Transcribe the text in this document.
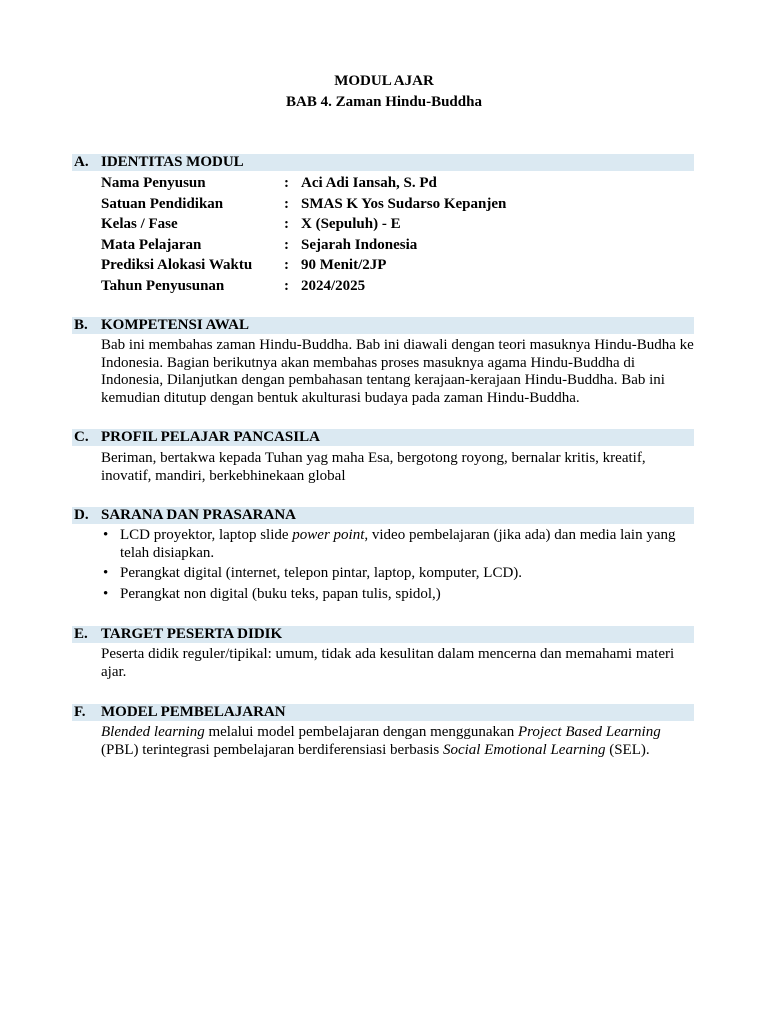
MODUL AJAR
BAB 4. Zaman Hindu-Buddha
A. IDENTITAS MODUL
Nama Penyusun	: Aci Adi Iansah, S. Pd
Satuan Pendidikan	: SMAS K Yos Sudarso Kepanjen
Kelas / Fase	: X (Sepuluh) - E
Mata Pelajaran	: Sejarah Indonesia
Prediksi Alokasi Waktu : 90 Menit/2JP
Tahun Penyusunan	: 2024/2025
B. KOMPETENSI AWAL
Bab ini membahas zaman Hindu-Buddha. Bab ini diawali dengan teori masuknya Hindu-Budha ke Indonesia. Bagian berikutnya akan membahas proses masuknya agama Hindu-Buddha di Indonesia, Dilanjutkan dengan pembahasan tentang kerajaan-kerajaan Hindu-Buddha. Bab ini kemudian ditutup dengan bentuk akulturasi budaya pada zaman Hindu-Buddha.
C. PROFIL PELAJAR PANCASILA
Beriman, bertakwa kepada Tuhan yag maha Esa, bergotong royong, bernalar kritis, kreatif, inovatif, mandiri, berkebhinekaan global
D. SARANA DAN PRASARANA
• LCD proyektor, laptop slide power point, video pembelajaran (jika ada) dan media lain yang telah disiapkan.
• Perangkat digital (internet, telepon pintar, laptop, komputer, LCD).
• Perangkat non digital (buku teks, papan tulis, spidol,)
E. TARGET PESERTA DIDIK
Peserta didik reguler/tipikal: umum, tidak ada kesulitan dalam mencerna dan memahami materi ajar.
F. MODEL PEMBELAJARAN
Blended learning melalui model pembelajaran dengan menggunakan Project Based Learning (PBL) terintegrasi pembelajaran berdiferensiasi berbasis Social Emotional Learning (SEL).
